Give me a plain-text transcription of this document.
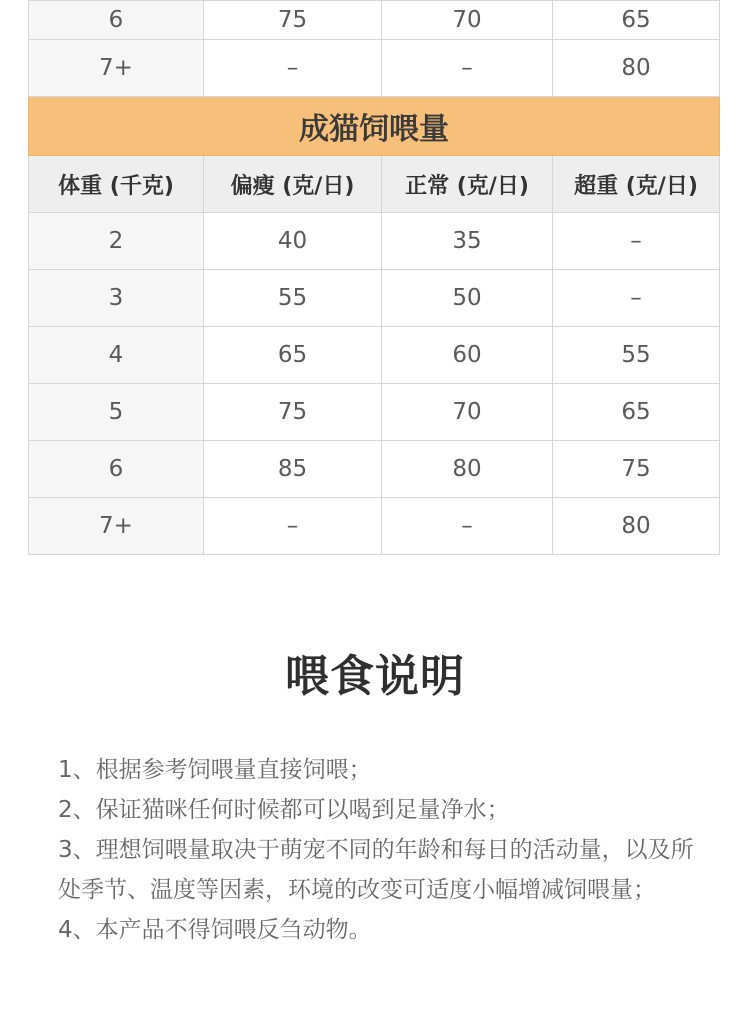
6	75	70	65
7+	–	–	80
成猫饲喂量			
体重 (千克)	偏瘦 (克/日)	正常 (克/日)	超重 (克/日)
2	40	35	–
3	55	50	–
4	65	60	55
5	75	70	65
6	85	80	75
7+	–	–	80
喂食说明
1、根据参考饲喂量直接饲喂；
2、保证猫咪任何时候都可以喝到足量净水；
3、理想饲喂量取决于萌宠不同的年龄和每日的活动量，以及所处季节、温度等因素，环境的改变可适度小幅增减饲喂量；
4、本产品不得饲喂反刍动物。
